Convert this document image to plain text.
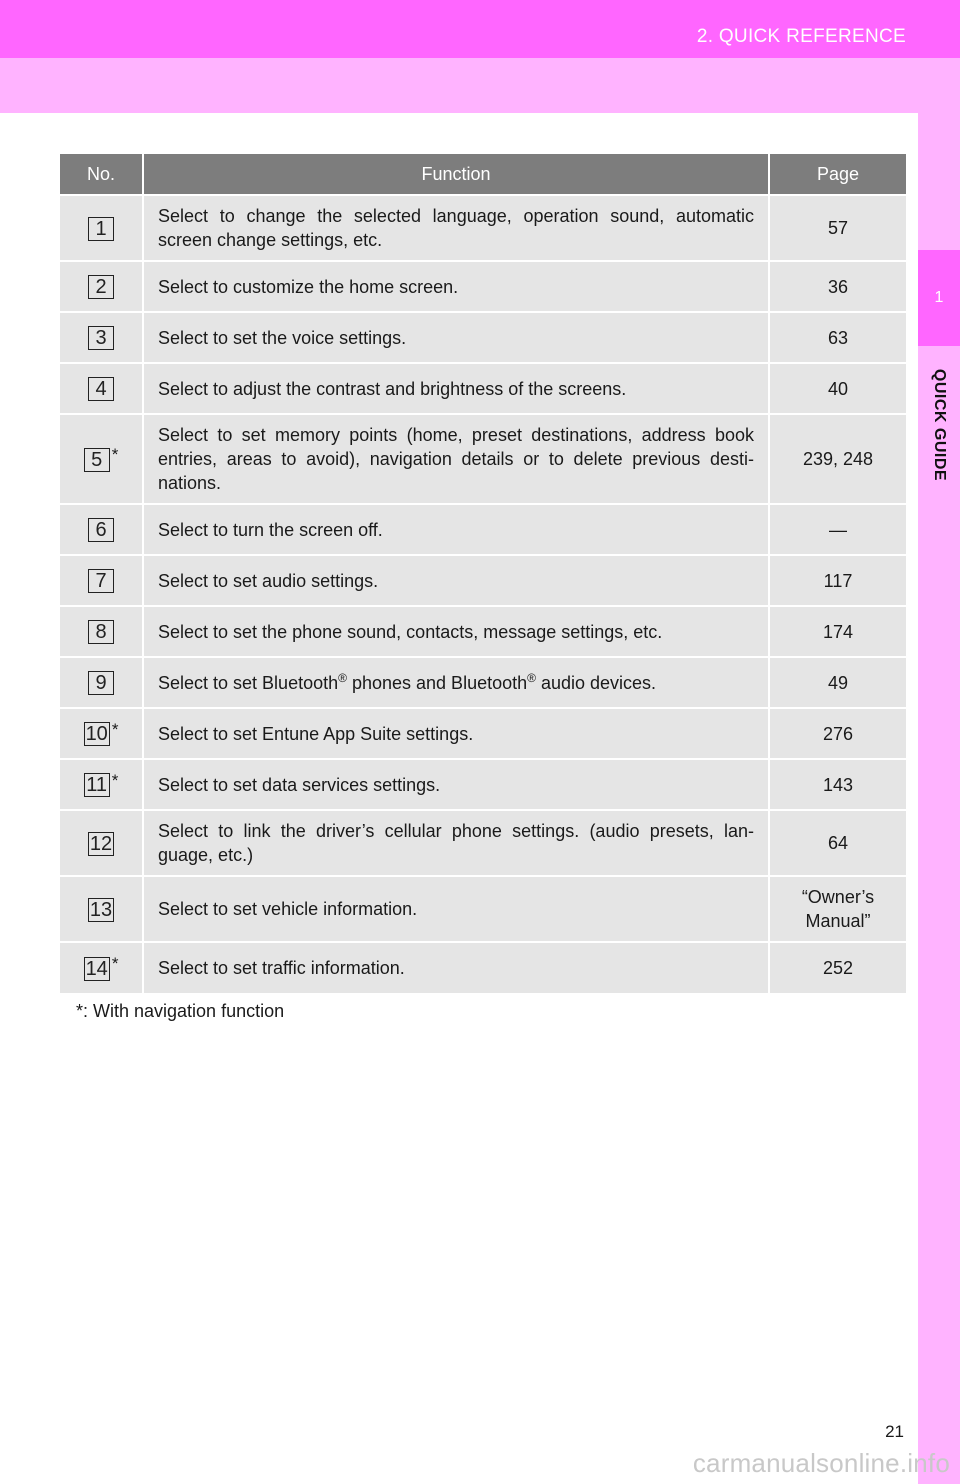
2. QUICK REFERENCE
1
QUICK GUIDE
No.	Function	Page
1	Select to change the selected language, operation sound, automatic screen change settings, etc.	57
2	Select to customize the home screen.	36
3	Select to set the voice settings.	63
4	Select to adjust the contrast and brightness of the screens.	40
5 *	Select to set memory points (home, preset destinations, address book entries, areas to avoid), navigation details or to delete previous desti-nations.	239, 248
6	Select to turn the screen off.	—
7	Select to set audio settings.	117
8	Select to set the phone sound, contacts, message settings, etc.	174
9	Select to set Bluetooth® phones and Bluetooth® audio devices.	49
10 *	Select to set Entune App Suite settings.	276
11 *	Select to set data services settings.	143
12	Select to link the driver’s cellular phone settings. (audio presets, lan-guage, etc.)	64
13	Select to set vehicle information.	“Owner’s Manual”
14 *	Select to set traffic information.	252
*: With navigation function
21
carmanualsonline.info
